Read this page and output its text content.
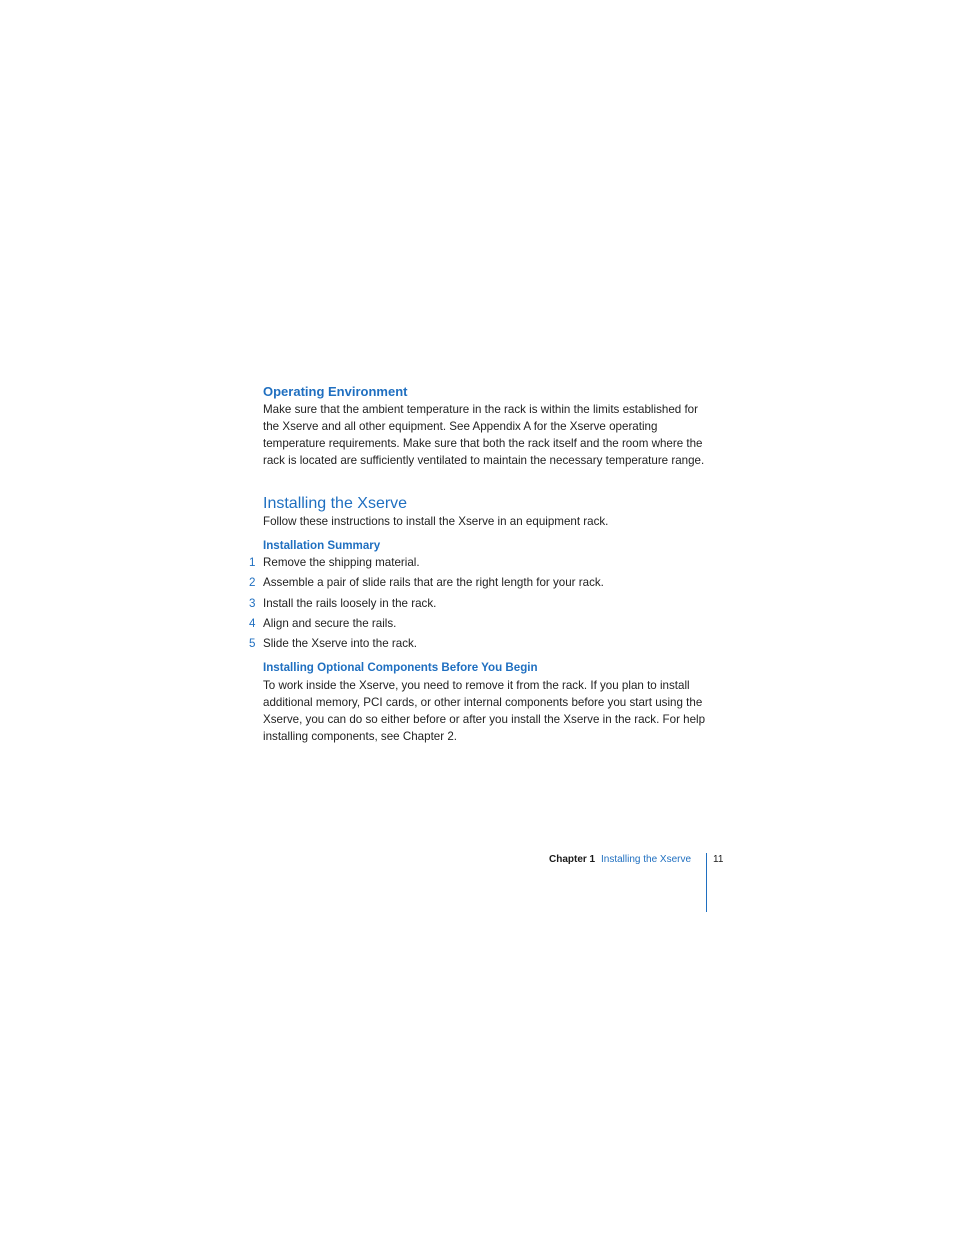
Operating Environment

Make sure that the ambient temperature in the rack is within the limits established for the Xserve and all other equipment. See Appendix A for the Xserve operating temperature requirements. Make sure that both the rack itself and the room where the rack is located are sufficiently ventilated to maintain the necessary temperature range.

Installing the Xserve

Follow these instructions to install the Xserve in an equipment rack.

Installation Summary
1 Remove the shipping material.
2 Assemble a pair of slide rails that are the right length for your rack.
3 Install the rails loosely in the rack.
4 Align and secure the rails.
5 Slide the Xserve into the rack.
Installing Optional Components Before You Begin

To work inside the Xserve, you need to remove it from the rack. If you plan to install additional memory, PCI cards, or other internal components before you start using the Xserve, you can do so either before or after you install the Xserve in the rack. For help installing components, see Chapter 2.

Chapter 1 Installing the Xserve 11
